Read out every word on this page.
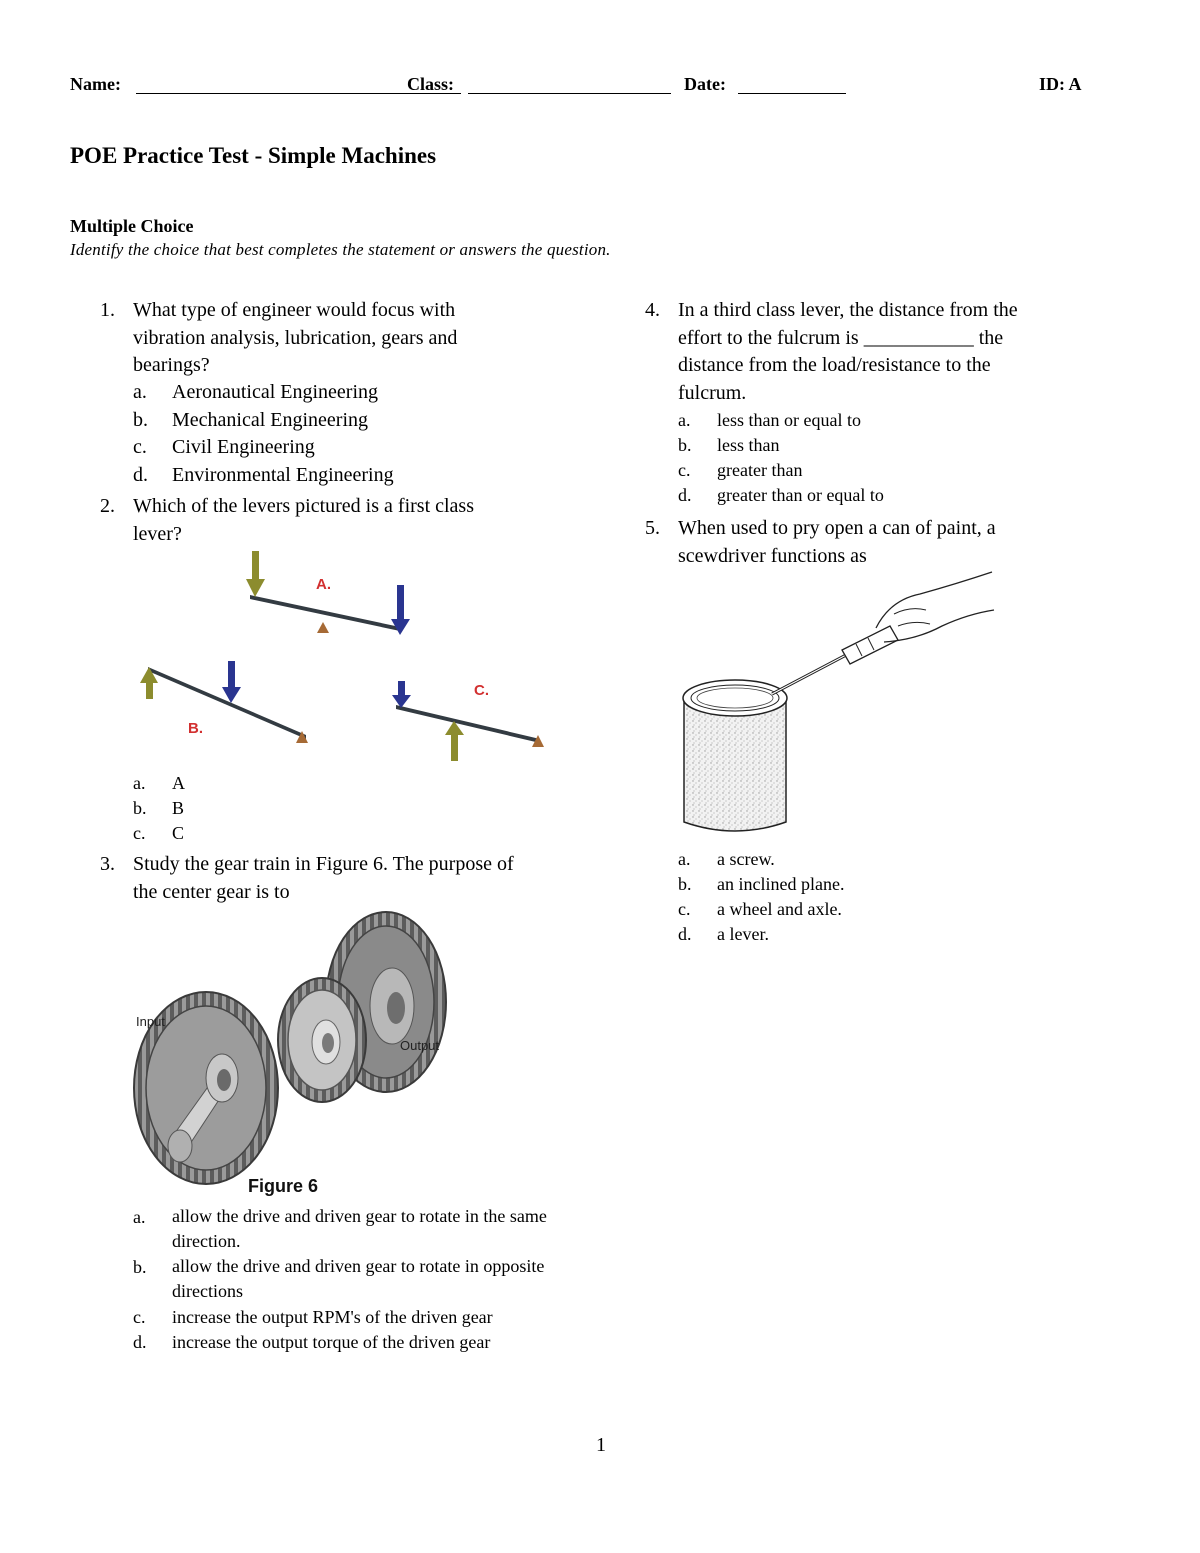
Name:	Class:	Date:	ID: A
POE Practice Test - Simple Machines
Multiple Choice
Identify the choice that best completes the statement or answers the question.
1. What type of engineer would focus with
vibration analysis, lubrication, gears and
bearings?
a. Aeronautical Engineering
b. Mechanical Engineering
c. Civil Engineering
d. Environmental Engineering
2. Which of the levers pictured is a first class
lever?
A.
B.
C.
a. A
b. B
c. C
3. Study the gear train in Figure 6. The purpose of
the center gear is to
Input
Output
Figure 6
a. allow the drive and driven gear to rotate in the same direction.
b. allow the drive and driven gear to rotate in opposite directions
c. increase the output RPM's of the driven gear
d. increase the output torque of the driven gear
4. In a third class lever, the distance from the
effort to the fulcrum is ___________ the
distance from the load/resistance to the
fulcrum.
a. less than or equal to
b. less than
c. greater than
d. greater than or equal to
5. When used to pry open a can of paint, a
scewdriver functions as
a. a screw.
b. an inclined plane.
c. a wheel and axle.
d. a lever.
1
